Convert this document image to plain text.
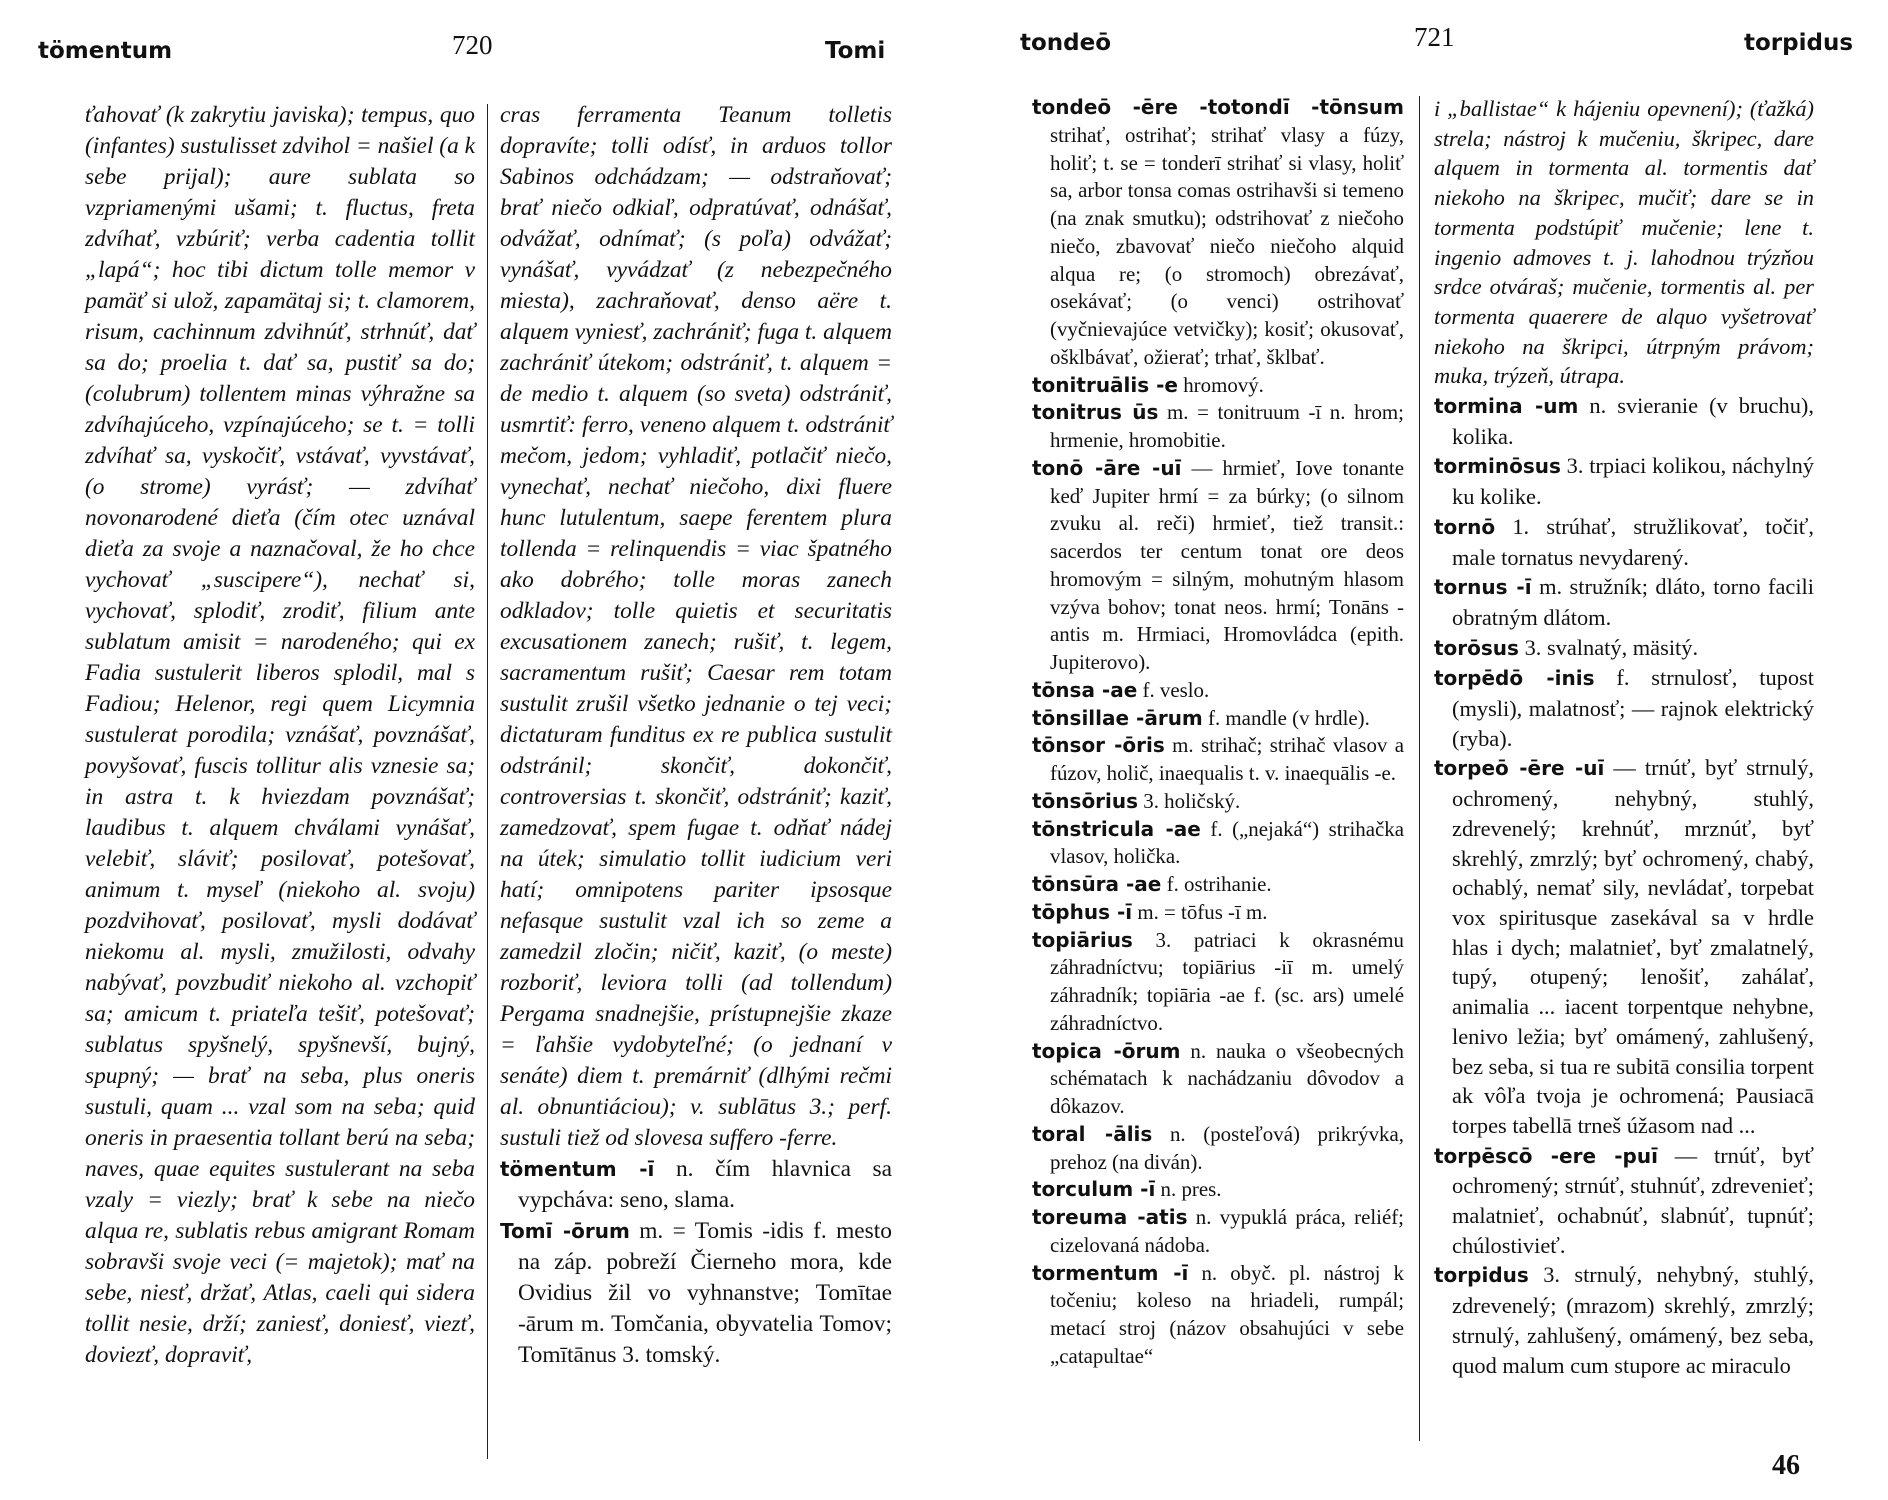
tömentum	720	Tomi

ťahovať (k zakrytiu javiska); tempus, quo (infantes) sustulisset zdvihol = našiel (a k sebe prijal); aure sublata so vzpriamenými ušami; t. fluctus, freta zdvíhať, vzbúriť; verba cadentia tollit „lapá“; hoc tibi dictum tolle memor v pamäť si ulož, zapamätaj si; t. clamorem, risum, cachinnum zdvihnúť, strhnúť, dať sa do; proelia t. dať sa, pustiť sa do; (colubrum) tollentem minas výhražne sa zdvíhajúceho, vzpínajúceho; se t. = tolli zdvíhať sa, vyskočiť, vstávať, vyvstávať, (o strome) vyrásť; — zdvíhať novonarodené dieťa (čím otec uznával dieťa za svoje a naznačoval, že ho chce vychovať „suscipere“), nechať si, vychovať, splodiť, zrodiť, filium ante sublatum amisit = narodeného; qui ex Fadia sustulerit liberos splodil, mal s Fadiou; Helenor, regi quem Licymnia sustulerat porodila; vznášať, povznášať, povyšovať, fuscis tollitur alis vznesie sa; in astra t. k hviezdam povznášať; laudibus t. alquem chválami vynášať, velebiť, sláviť; posilovať, potešovať, animum t. myseľ (niekoho al. svoju) pozdvihovať, posilovať, mysli dodávať niekomu al. mysli, zmužilosti, odvahy nabývať, povzbudiť niekoho al. vzchopiť sa; amicum t. priateľa tešiť, potešovať; sublatus spyšnelý, spyšnevší, bujný, spupný; — brať na seba, plus oneris sustuli, quam ... vzal som na seba; quid oneris in praesentia tollant berú na seba; naves, quae equites sustulerant na seba vzaly = viezly; brať k sebe na niečo alqua re, sublatis rebus amigrant Romam sobravši svoje veci (= majetok); mať na sebe, niesť, držať, Atlas, caeli qui sidera tollit nesie, drží; zaniesť, doniesť, viezť, doviezť, dopraviť,

cras ferramenta Teanum tolletis dopravíte; tolli odísť, in arduos tollor Sabinos odchádzam; — odstraňovať; brať niečo odkiaľ, odpratúvať, odnášať, odvážať, odnímať; (s poľa) odvážať; vynášať, vyvádzať (z nebezpečného miesta), zachraňovať, denso aëre t. alquem vyniesť, zachrániť; fuga t. alquem zachrániť útekom; odstrániť, t. alquem = de medio t. alquem (so sveta) odstrániť, usmrtiť: ferro, veneno alquem t. odstrániť mečom, jedom; vyhladiť, potlačiť niečo, vynechať, nechať niečoho, dixi fluere hunc lutulentum, saepe ferentem plura tollenda = relinquendis = viac špatného ako dobrého; tolle moras zanech odkladov; tolle quietis et securitatis excusationem zanech; rušiť, t. legem, sacramentum rušiť; Caesar rem totam sustulit zrušil všetko jednanie o tej veci; dictaturam funditus ex re publica sustulit odstránil; skončiť, dokončiť, controversias t. skončiť, odstrániť; kaziť, zamedzovať, spem fugae t. odňať nádej na útek; simulatio tollit iudicium veri hatí; omnipotens pariter ipsosque nefasque sustulit vzal ich so zeme a zamedzil zločin; ničiť, kaziť, (o meste) rozboriť, leviora tolli (ad tollendum) Pergama snadnejšie, prístupnejšie zkaze = ľahšie vydobyteľné; (o jednaní v senáte) diem t. premárniť (dlhými rečmi al. obnuntiáciou); v. sublātus 3.; perf. sustuli tiež od slovesa suffero -ferre.

tömentum -ī n. čím hlavnica sa vypcháva: seno, slama.

Tomī -ōrum m. = Tomis -idis f. mesto na záp. pobreží Čierneho mora, kde Ovidius žil vo vyhnanstve; Tomītae -ārum m. Tomčania, obyvatelia Tomov; Tomītānus 3. tomský.

tondeō	721	torpidus

tondeō -ēre -totondī -tōnsum strihať, ostrihať; strihať vlasy a fúzy, holiť; t. se = tonderī strihať si vlasy, holiť sa, arbor tonsa comas ostrihavši si temeno (na znak smutku); odstrihovať z niečoho niečo, zbavovať niečo niečoho alquid alqua re; (o stromoch) obrezávať, osekávať; (o venci) ostrihovať (vyčnievajúce vetvičky); kosiť; okusovať, ošklbávať, ožierať; trhať, šklbať.

tonitruālis -e hromový.

tonitrus ūs m. = tonitruum -ī n. hrom; hrmenie, hromobitie.

tonō -āre -uī — hrmieť, Iove tonante keď Jupiter hrmí = za búrky; (o silnom zvuku al. reči) hrmieť, tiež transit.: sacerdos ter centum tonat ore deos hromovým = silným, mohutným hlasom vzýva bohov; tonat neos. hrmí; Tonāns -antis m. Hrmiaci, Hromovládca (epith. Jupiterovo).

tōnsa -ae f. veslo.

tōnsillae -ārum f. mandle (v hrdle).

tōnsor -ōris m. strihač; strihač vlasov a fúzov, holič, inaequalis t. v. inaequālis -e.

tōnsōrius 3. holičský.

tōnstricula -ae f. („nejaká“) strihačka vlasov, holička.

tōnsūra -ae f. ostrihanie.

tōphus -ī m. = tōfus -ī m.

topiārius 3. patriaci k okrasnému záhradníctvu; topiārius -iī m. umelý záhradník; topiāria -ae f. (sc. ars) umelé záhradníctvo.

topica -ōrum n. nauka o všeobecných schématach k nachádzaniu dôvodov a dôkazov.

toral -ālis n. (posteľová) prikrývka, prehoz (na diván).

torculum -ī n. pres.

toreuma -atis n. vypuklá práca, reliéf; cizelovaná nádoba.

tormentum -ī n. obyč. pl. nástroj k točeniu; koleso na hriadeli, rumpál; metací stroj (názov obsahujúci v sebe „catapultae“

i „ballistae“ k hájeniu opevnení); (ťažká) strela; nástroj k mučeniu, škripec, dare alquem in tormenta al. tormentis dať niekoho na škripec, mučiť; dare se in tormenta podstúpiť mučenie; lene t. ingenio admoves t. j. lahodnou trýzňou srdce otváraš; mučenie, tormentis al. per tormenta quaerere de alquo vyšetrovať niekoho na škripci, útrpným právom; muka, trýzeň, útrapa.

tormina -um n. svieranie (v bruchu), kolika.

torminōsus 3. trpiaci kolikou, náchylný ku kolike.

tornō 1. strúhať, stružlikovať, točiť, male tornatus nevydarený.

tornus -ī m. stružník; dláto, torno facili obratným dlátom.

torōsus 3. svalnatý, mäsitý.

torpēdō -inis f. strnulosť, tupost (mysli), malatnosť; — rajnok elektrický (ryba).

torpeō -ēre -uī — trnúť, byť strnulý, ochromený, nehybný, stuhlý, zdrevenelý; krehnúť, mrznúť, byť skrehlý, zmrzlý; byť ochromený, chabý, ochablý, nemať sily, nevládať, torpebat vox spiritusque zasekával sa v hrdle hlas i dych; malatnieť, byť zmalatnelý, tupý, otupený; lenošiť, zahálať, animalia ... iacent torpentque nehybne, lenivo ležia; byť omámený, zahlušený, bez seba, si tua re subitā consilia torpent ak vôľa tvoja je ochromená; Pausiacā torpes tabellā trneš úžasom nad ...

torpēscō -ere -puī — trnúť, byť ochromený; strnúť, stuhnúť, zdrevenieť; malatnieť, ochabnúť, slabnúť, tupnúť; chúlostivieť.

torpidus 3. strnulý, nehybný, stuhlý, zdrevenelý; (mrazom) skrehlý, zmrzlý; strnulý, zahlušený, omámený, bez seba, quod malum cum stupore ac miraculo

46
